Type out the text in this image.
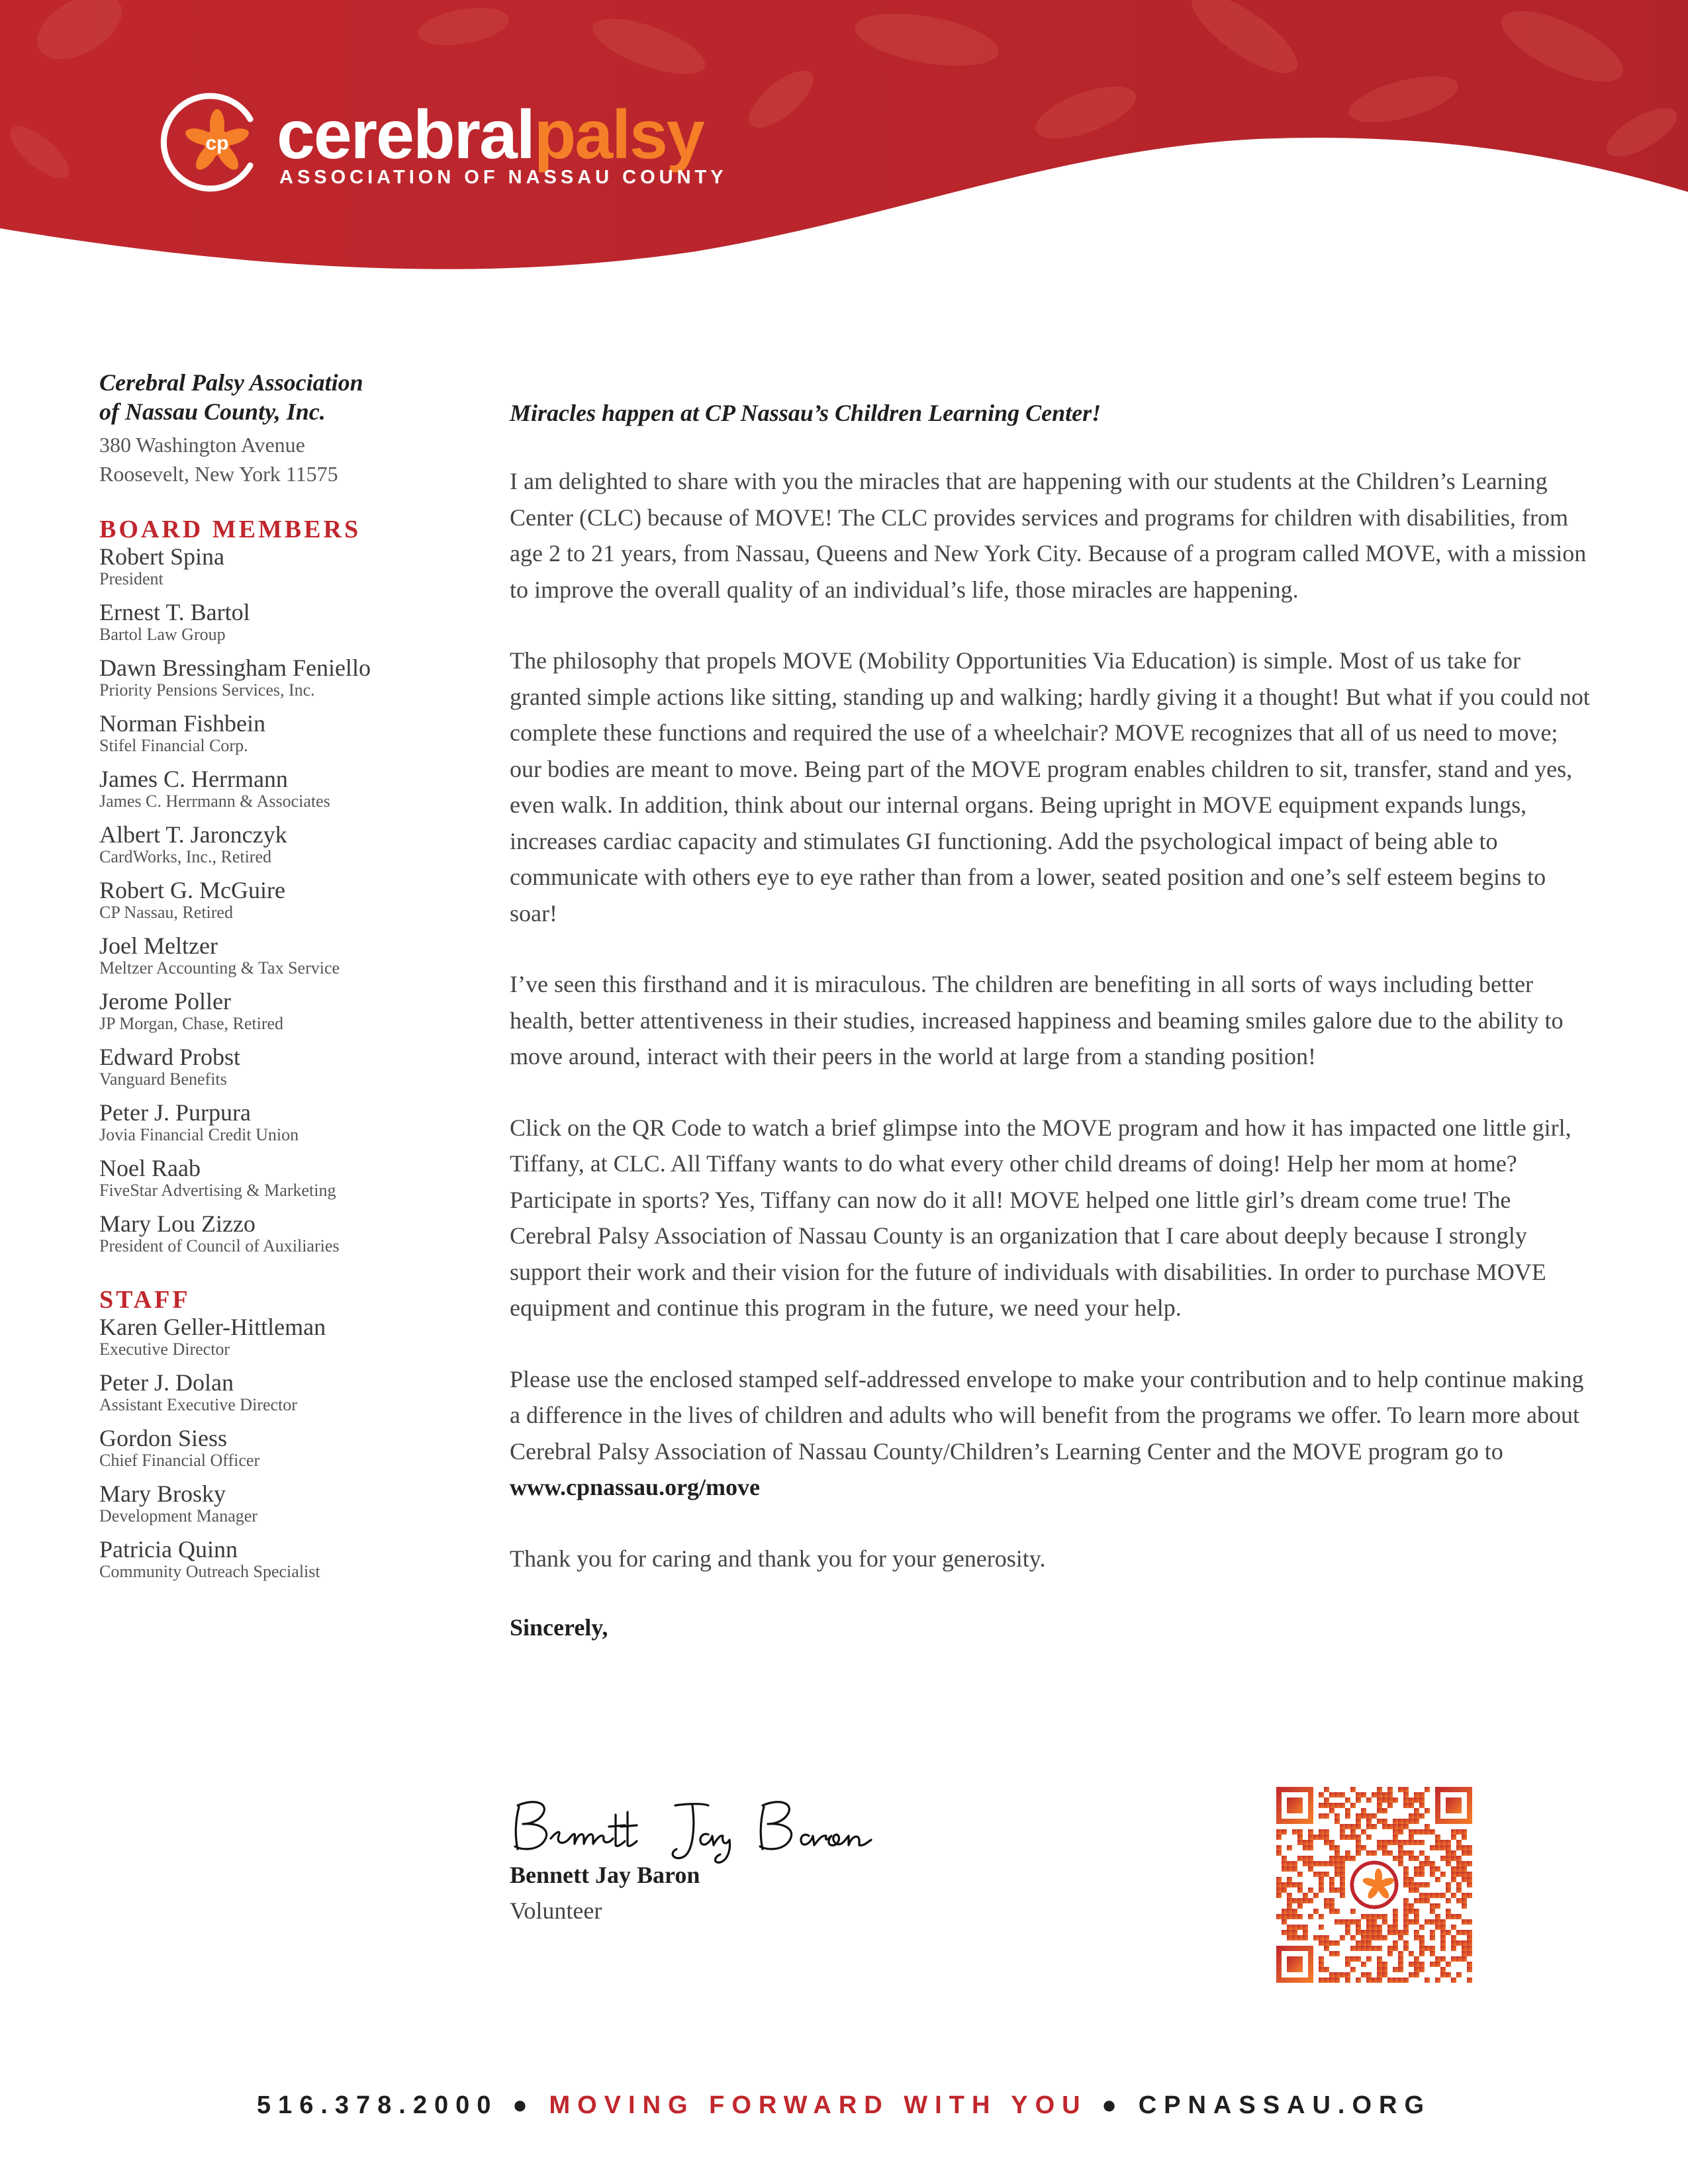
cp cerebralpalsy
ASSOCIATION OF NASSAU COUNTY

Cerebral Palsy Association

of Nassau County, Inc.

380 Washington Avenue

Roosevelt, New York 11575

BOARD MEMBERS

Robert Spina
President
Ernest T. Bartol
Bartol Law Group
Dawn Bressingham Feniello
Priority Pensions Services, Inc.
Norman Fishbein
Stifel Financial Corp.
James C. Herrmann
James C. Herrmann & Associates
Albert T. Jaronczyk
CardWorks, Inc., Retired
Robert G. McGuire
CP Nassau, Retired
Joel Meltzer
Meltzer Accounting & Tax Service
Jerome Poller
JP Morgan, Chase, Retired
Edward Probst
Vanguard Benefits
Peter J. Purpura
Jovia Financial Credit Union
Noel Raab
FiveStar Advertising & Marketing
Mary Lou Zizzo
President of Council of Auxiliaries

STAFF

Karen Geller-Hittleman
Executive Director
Peter J. Dolan
Assistant Executive Director
Gordon Siess
Chief Financial Officer
Mary Brosky
Development Manager
Patricia Quinn
Community Outreach Specialist

Miracles happen at CP Nassau’s Children Learning Center!

I am delighted to share with you the miracles that are happening with our students at the Children’s Learning Center (CLC) because of MOVE! The CLC provides services and programs for children with disabilities, from age 2 to 21 years, from Nassau, Queens and New York City. Because of a program called MOVE, with a mission to improve the overall quality of an individual’s life, those miracles are happening.

The philosophy that propels MOVE (Mobility Opportunities Via Education) is simple. Most of us take for granted simple actions like sitting, standing up and walking; hardly giving it a thought! But what if you could not complete these functions and required the use of a wheelchair? MOVE recognizes that all of us need to move; our bodies are meant to move. Being part of the MOVE program enables children to sit, transfer, stand and yes, even walk. In addition, think about our internal organs. Being upright in MOVE equipment expands lungs, increases cardiac capacity and stimulates GI functioning. Add the psychological impact of being able to communicate with others eye to eye rather than from a lower, seated position and one’s self esteem begins to soar!

I’ve seen this firsthand and it is miraculous. The children are benefiting in all sorts of ways including better health, better attentiveness in their studies, increased happiness and beaming smiles galore due to the ability to move around, interact with their peers in the world at large from a standing position!

Click on the QR Code to watch a brief glimpse into the MOVE program and how it has impacted one little girl, Tiffany, at CLC. All Tiffany wants to do what every other child dreams of doing! Help her mom at home? Participate in sports? Yes, Tiffany can now do it all! MOVE helped one little girl’s dream come true! The Cerebral Palsy Association of Nassau County is an organization that I care about deeply because I strongly support their work and their vision for the future of individuals with disabilities. In order to purchase MOVE equipment and continue this program in the future, we need your help.

Please use the enclosed stamped self-addressed envelope to make your contribution and to help continue making a difference in the lives of children and adults who will benefit from the programs we offer. To learn more about Cerebral Palsy Association of Nassau County/Children’s Learning Center and the MOVE program go to www.cpnassau.org/move

Thank you for caring and thank you for your generosity.

Sincerely,

Bennett Jay Baron
Volunteer
516.378.2000 ● MOVING FORWARD WITH YOU ● CPNASSAU.ORG
